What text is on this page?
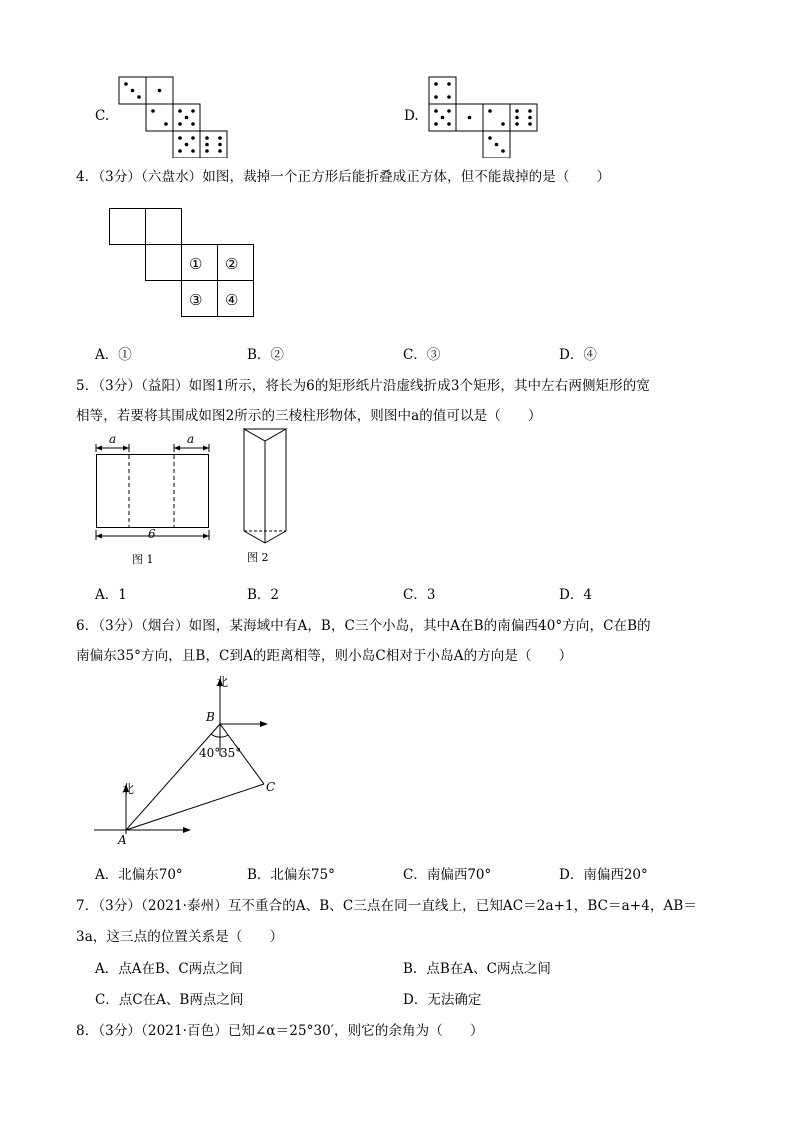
C.	D.
4．（3分）（六盘水）如图，裁掉一个正方形后能折叠成正方体，但不能裁掉的是（　　）
① ②
③ ④
A．①	B．②	C．③	D．④
5．（3分）（益阳）如图1所示，将长为6的矩形纸片沿虚线折成3个矩形，其中左右两侧矩形的宽
相等，若要将其围成如图2所示的三棱柱形物体，则图中a的值可以是（　　）
a	a
6
图 1	图 2
A．1	B．2	C．3	D．4
6．（3分）（烟台）如图，某海域中有A，B，C三个小岛，其中A在B的南偏西40°方向，C在B的
南偏东35°方向，且B，C到A的距离相等，则小岛C相对于小岛A的方向是（　　）
北
北
B
A
C
40° 35°
A．北偏东70°	B．北偏东75°	C．南偏西70°	D．南偏西20°
7．（3分）（2021·泰州）互不重合的A、B、C三点在同一直线上，已知AC＝2a+1，BC＝a+4，AB＝
3a，这三点的位置关系是（　　）
A．点A在B、C两点之间	B．点B在A、C两点之间
C．点C在A、B两点之间	D．无法确定
8．（3分）（2021·百色）已知∠α＝25°30′，则它的余角为（　　）
